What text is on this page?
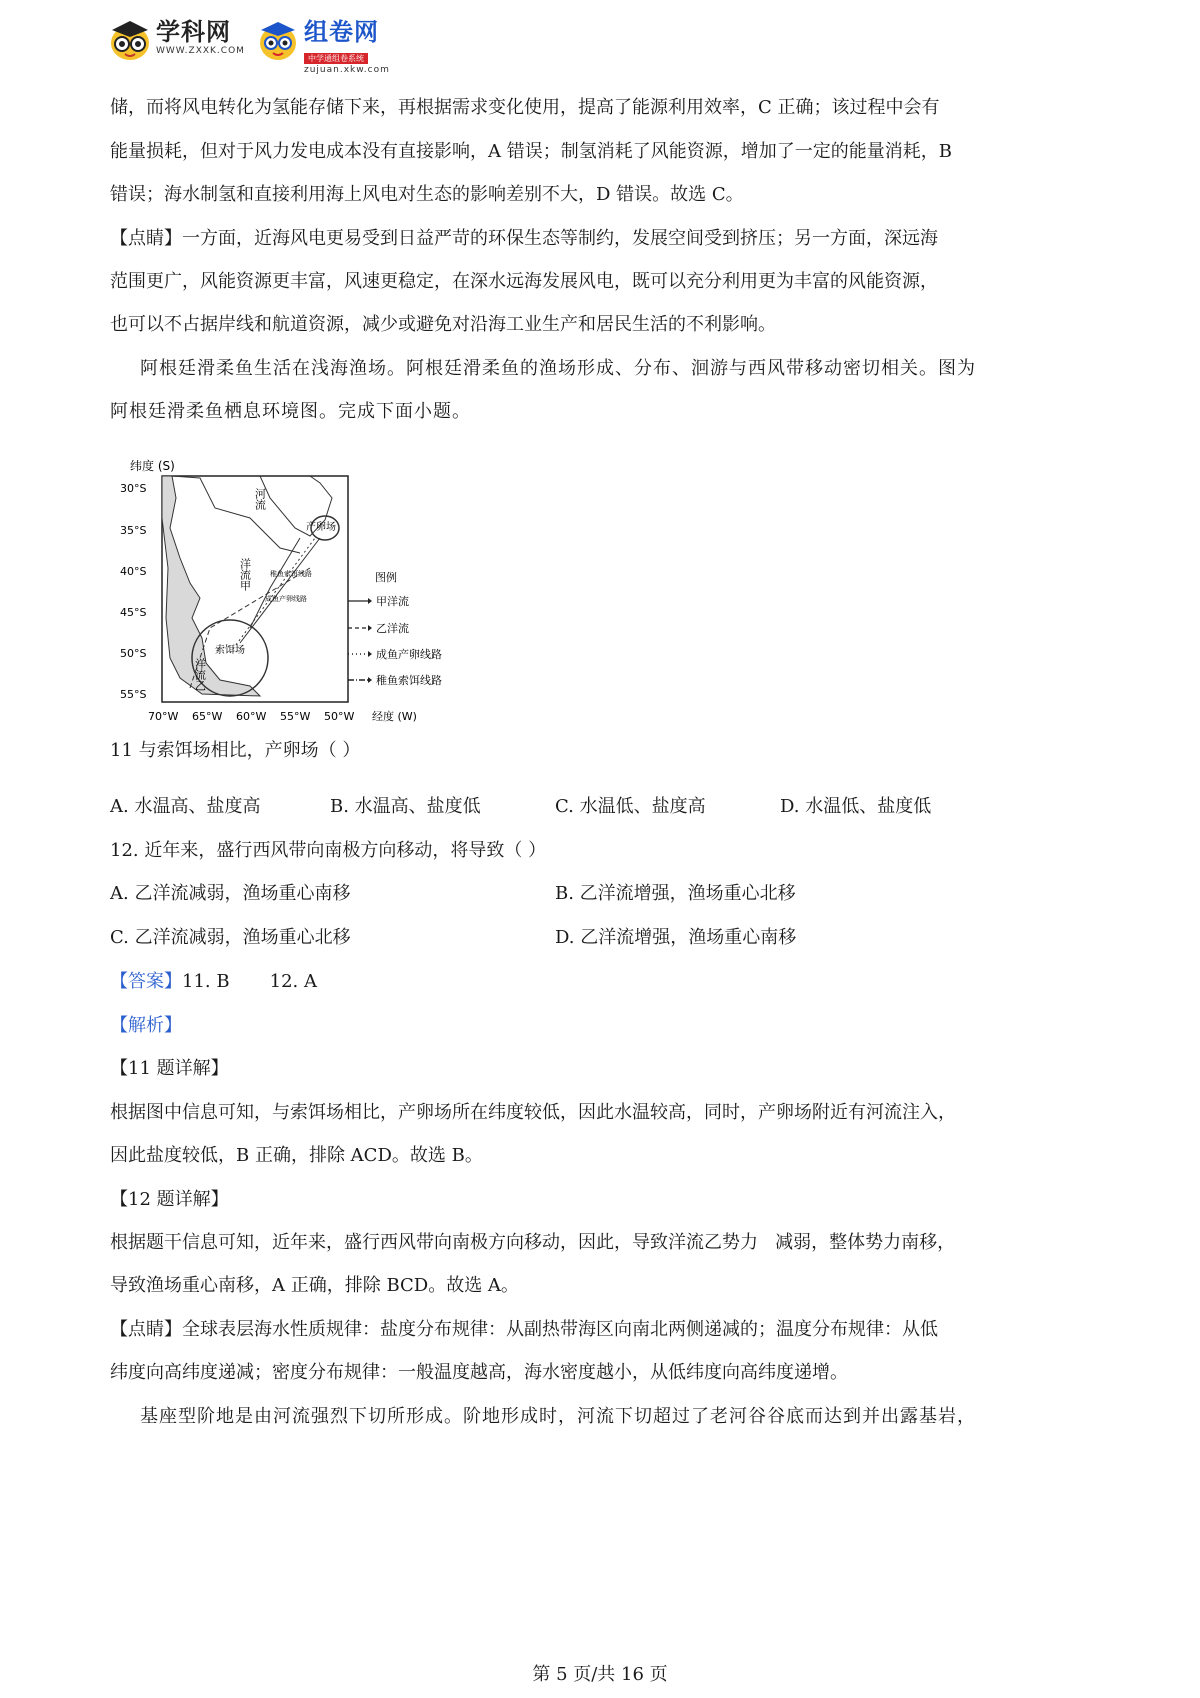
学科网
WWW.ZXXK.COM
组卷网
中学通组卷系统
zujuan.xkw.com
储，而将风电转化为氢能存储下来，再根据需求变化使用，提高了能源利用效率，C 正确；该过程中会有
能量损耗，但对于风力发电成本没有直接影响，A 错误；制氢消耗了风能资源，增加了一定的能量消耗，B
错误；海水制氢和直接利用海上风电对生态的影响差别不大，D 错误。故选 C。
【点睛】一方面，近海风电更易受到日益严苛的环保生态等制约，发展空间受到挤压；另一方面，深远海
范围更广，风能资源更丰富，风速更稳定，在深水远海发展风电，既可以充分利用更为丰富的风能资源，
也可以不占据岸线和航道资源，减少或避免对沿海工业生产和居民生活的不利影响。
阿根廷滑柔鱼生活在浅海渔场。阿根廷滑柔鱼的渔场形成、分布、洄游与西风带移动密切相关。图为
阿根廷滑柔鱼栖息环境图。完成下面小题。
纬度 (S)
30°S
35°S
40°S
45°S
50°S
55°S
河流
产卵场
洋流甲
索饵场
洋流乙
稚鱼索饵线路
成鱼产卵线路
70°W 65°W 60°W 55°W 50°W 经度 (W)
图例
甲洋流
乙洋流
成鱼产卵线路
稚鱼索饵线路
11 与索饵场相比，产卵场（ ）
A. 水温高、盐度高	B. 水温高、盐度低	C. 水温低、盐度高	D. 水温低、盐度低
12. 近年来，盛行西风带向南极方向移动，将导致（ ）
A. 乙洋流减弱，渔场重心南移	B. 乙洋流增强，渔场重心北移
C. 乙洋流减弱，渔场重心北移	D. 乙洋流增强，渔场重心南移
【答案】11. B       12. A
【解析】
【11 题详解】
根据图中信息可知，与索饵场相比，产卵场所在纬度较低，因此水温较高，同时，产卵场附近有河流注入，
因此盐度较低，B 正确，排除 ACD。故选 B。
【12 题详解】
根据题干信息可知，近年来，盛行西风带向南极方向移动，因此，导致洋流乙势力   减弱，整体势力南移，
导致渔场重心南移，A 正确，排除 BCD。故选 A。
【点睛】全球表层海水性质规律：盐度分布规律：从副热带海区向南北两侧递减的；温度分布规律：从低
纬度向高纬度递减；密度分布规律：一般温度越高，海水密度越小，从低纬度向高纬度递增。
基座型阶地是由河流强烈下切所形成。阶地形成时，河流下切超过了老河谷谷底而达到并出露基岩，
第 5 页/共 16 页
